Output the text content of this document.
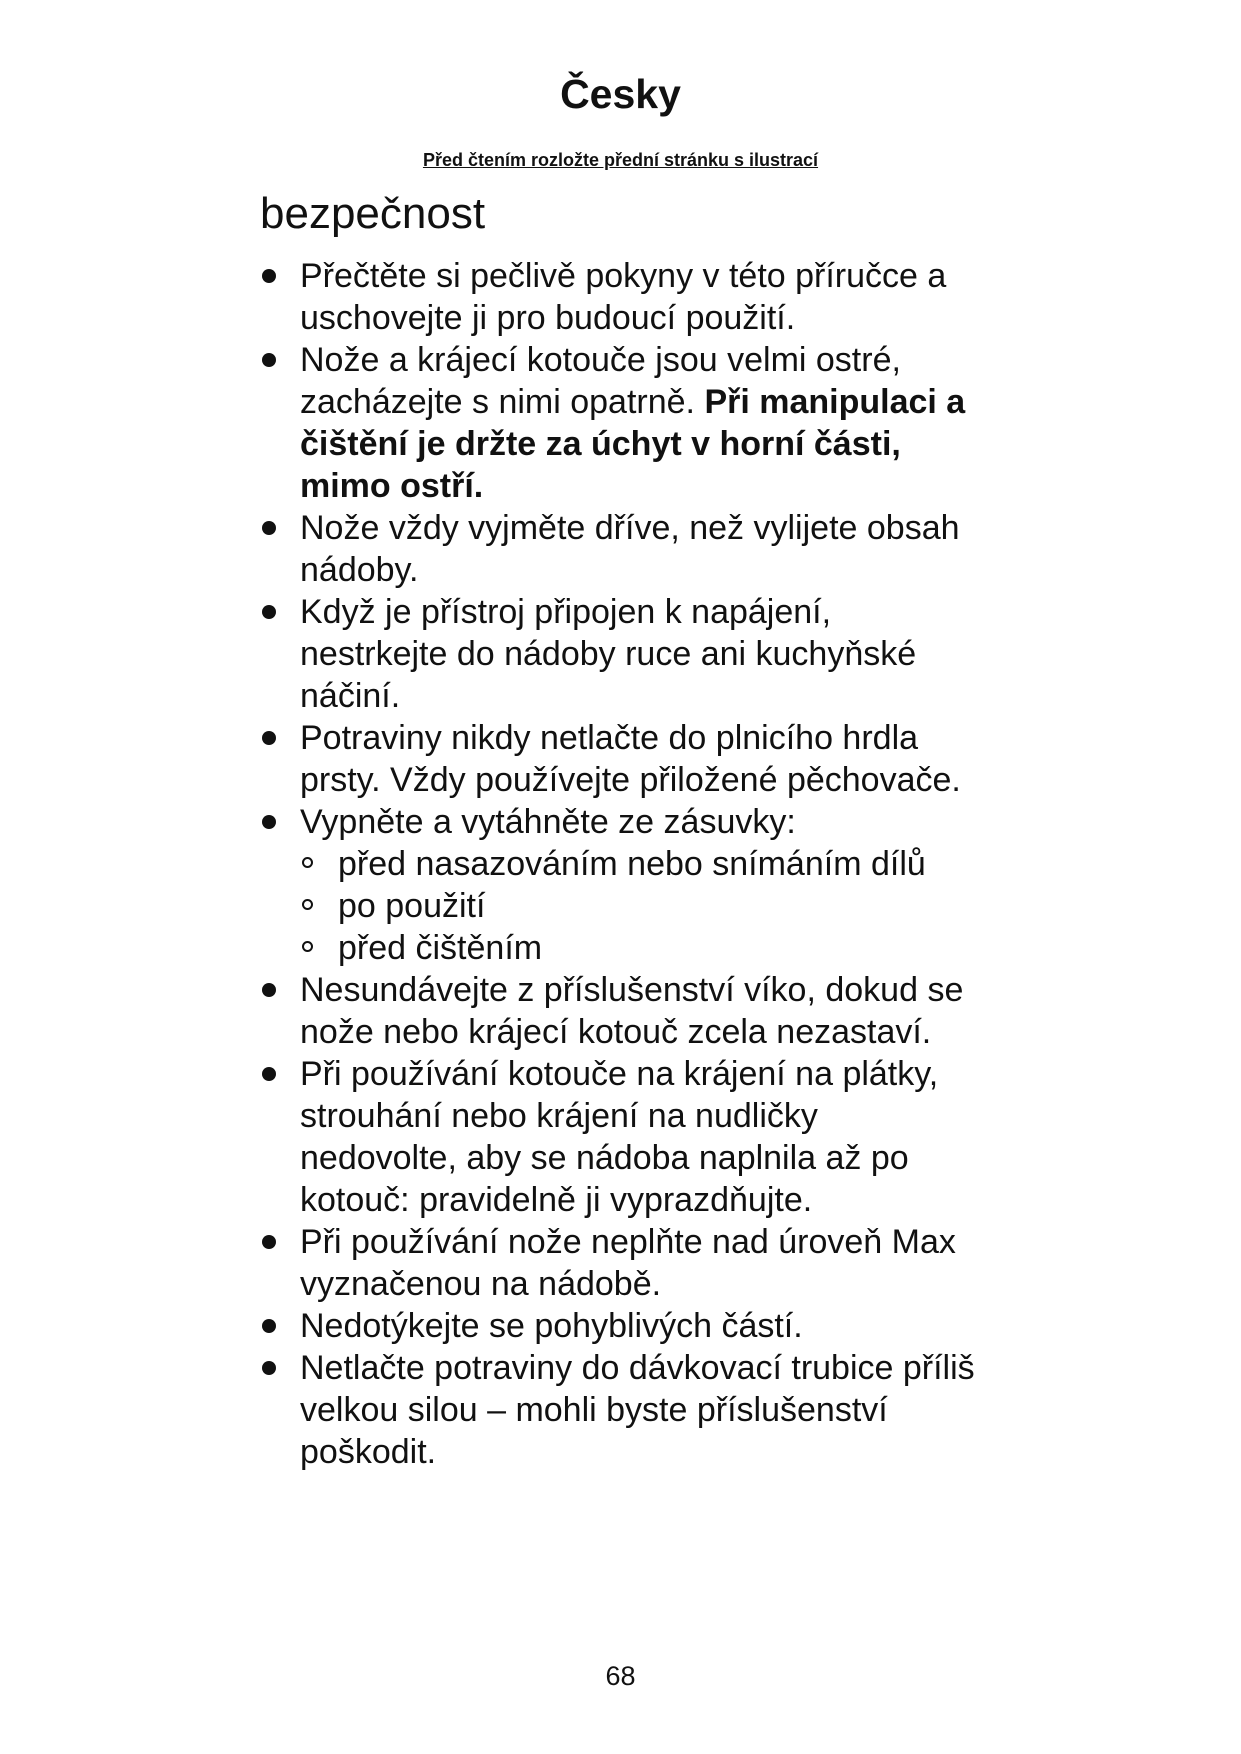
Česky
Před čtením rozložte přední stránku s ilustrací
bezpečnost
Přečtěte si pečlivě pokyny v této příručce a uschovejte ji pro budoucí použití.
Nože a krájecí kotouče jsou velmi ostré, zacházejte s nimi opatrně. Při manipulaci a čištění je držte za úchyt v horní části, mimo ostří.
Nože vždy vyjměte dříve, než vylijete obsah nádoby.
Když je přístroj připojen k napájení, nestrkejte do nádoby ruce ani kuchyňské náčiní.
Potraviny nikdy netlačte do plnicího hrdla prsty. Vždy používejte přiložené pěchovače.
Vypněte a vytáhněte ze zásuvky:
před nasazováním nebo snímáním dílů
po použití
před čištěním
Nesundávejte z příslušenství víko, dokud se nože nebo krájecí kotouč zcela nezastaví.
Při používání kotouče na krájení na plátky, strouhání nebo krájení na nudličky nedovolte, aby se nádoba naplnila až po kotouč: pravidelně ji vyprazdňujte.
Při používání nože neplňte nad úroveň Max vyznačenou na nádobě.
Nedotýkejte se pohyblivých částí.
Netlačte potraviny do dávkovací trubice příliš velkou silou – mohli byste příslušenství poškodit.
68
